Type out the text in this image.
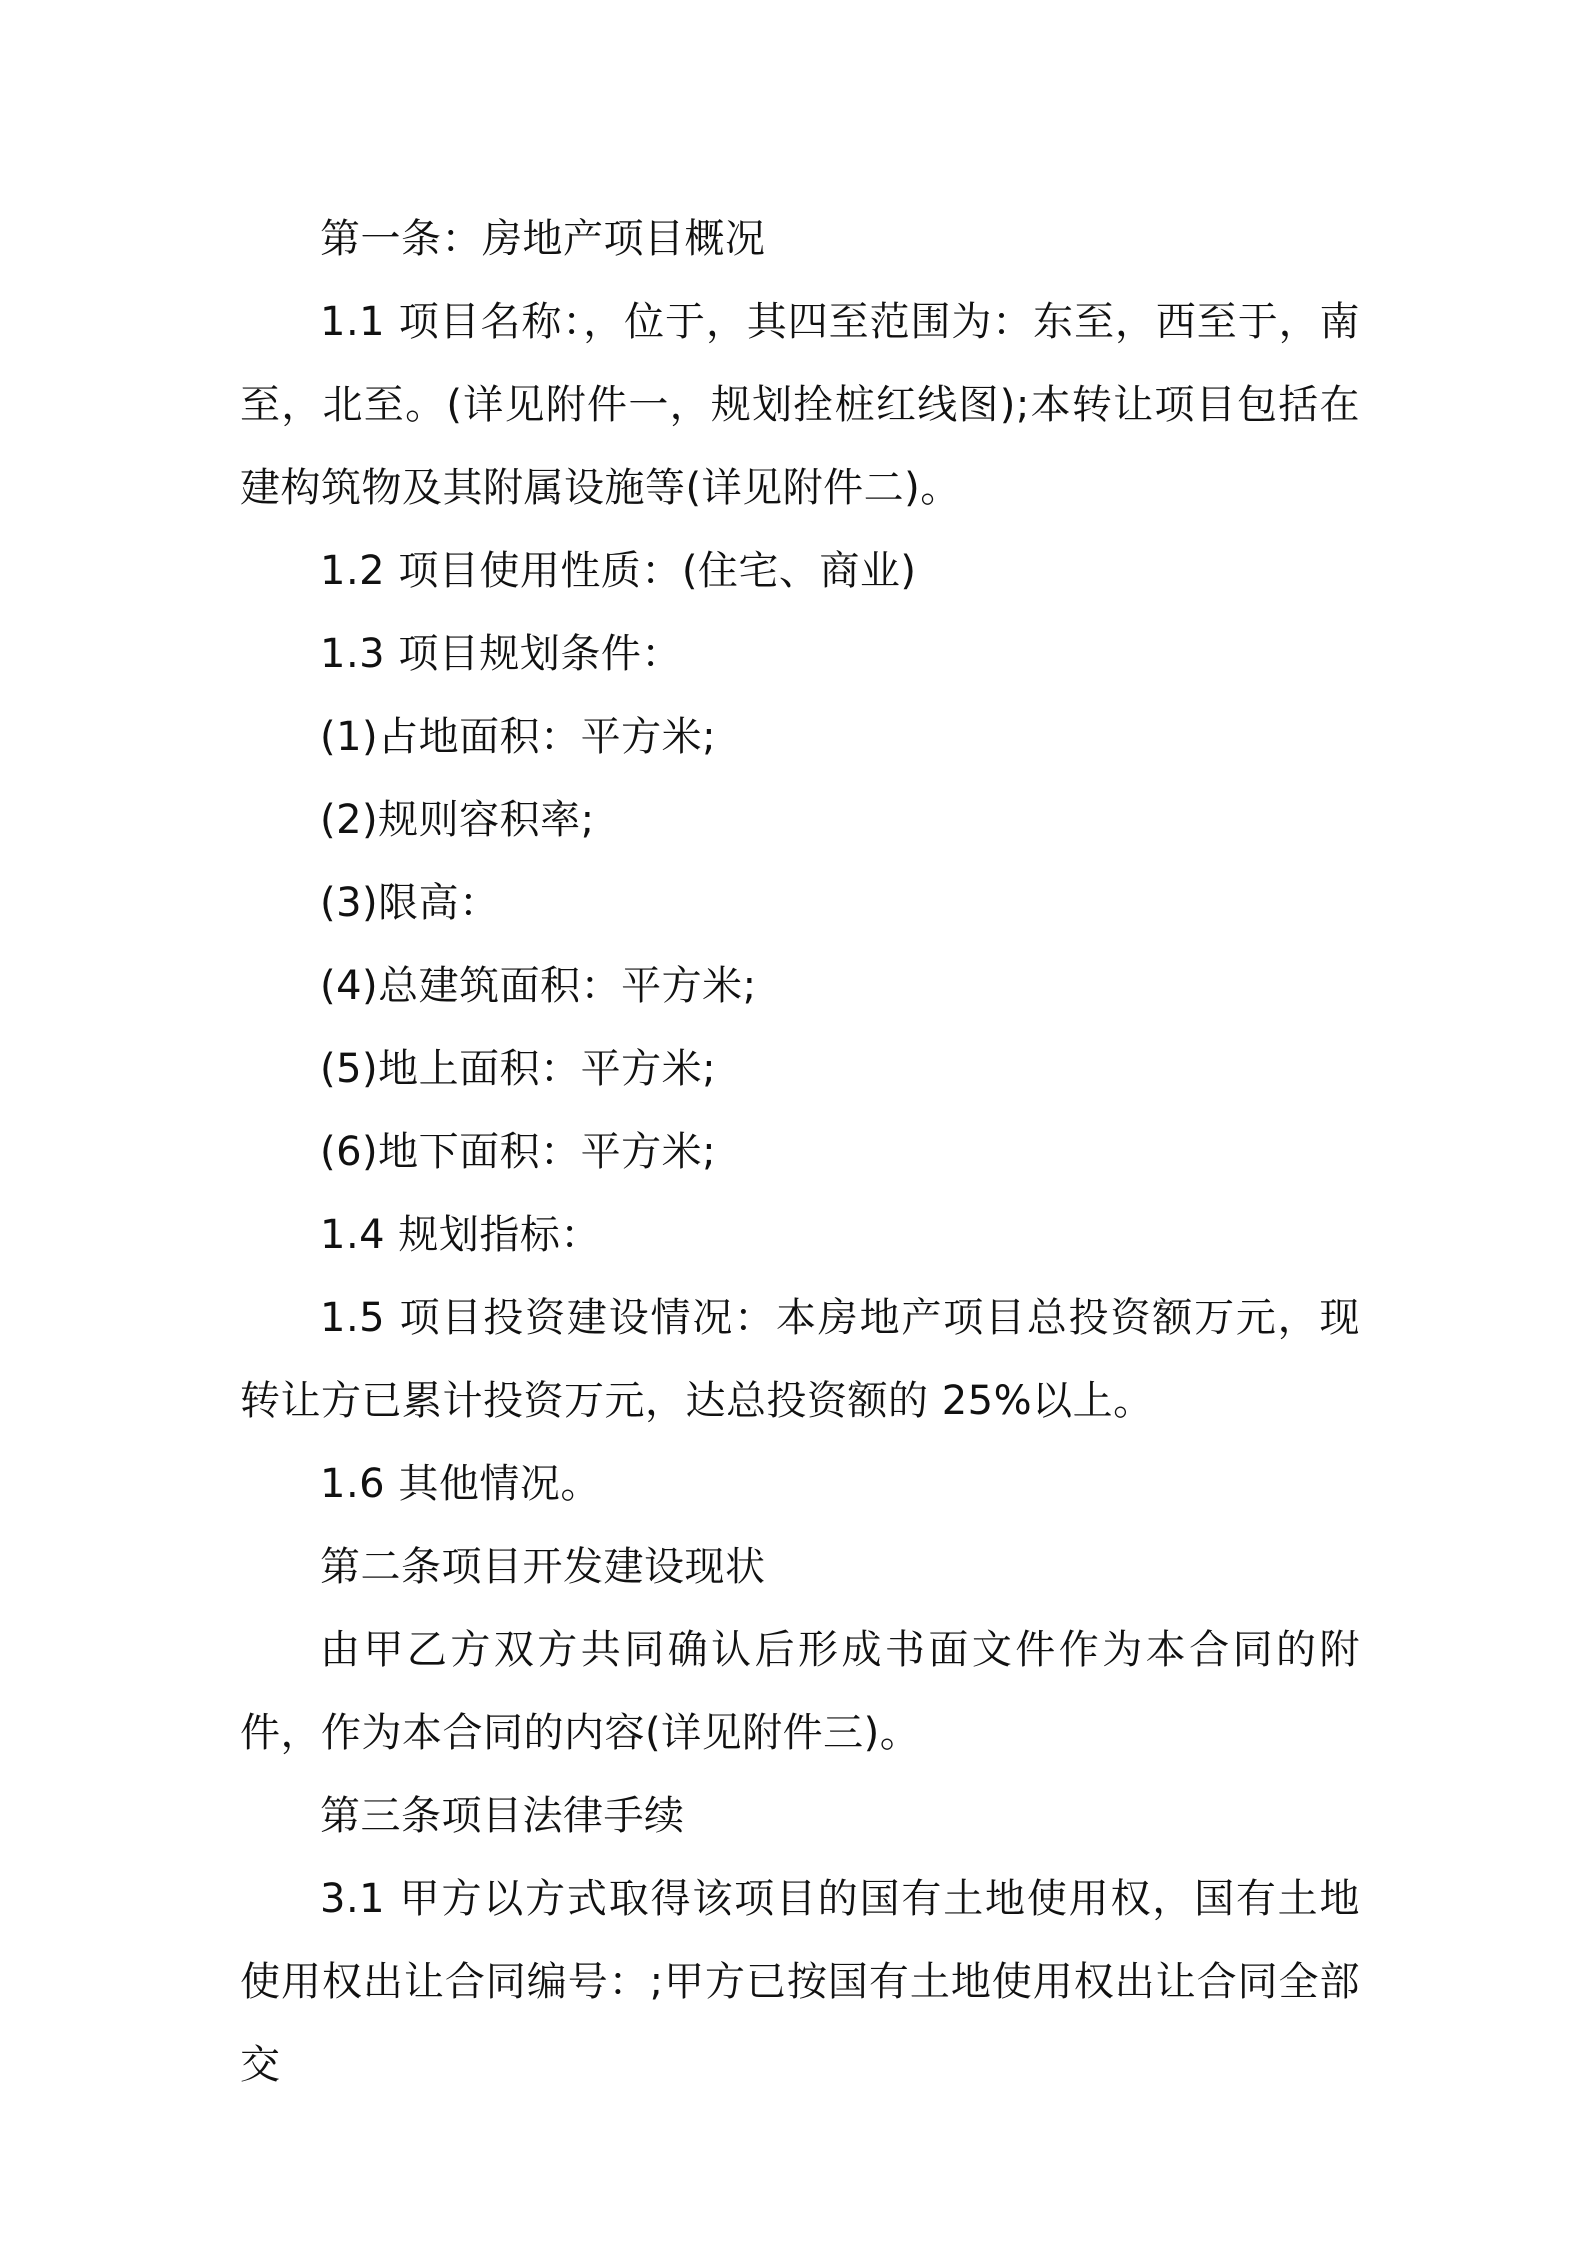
第一条：房地产项目概况

1.1 项目名称：，位于，其四至范围为：东至，西至于，南至，北至。(详见附件一，规划拴桩红线图);本转让项目包括在建构筑物及其附属设施等(详见附件二)。

1.2 项目使用性质：(住宅、商业)

1.3 项目规划条件：

(1)占地面积：平方米;

(2)规则容积率;

(3)限高：

(4)总建筑面积：平方米;

(5)地上面积：平方米;

(6)地下面积：平方米;

1.4 规划指标：

1.5 项目投资建设情况：本房地产项目总投资额万元，现转让方已累计投资万元，达总投资额的 25%以上。

1.6 其他情况。

第二条项目开发建设现状

由甲乙方双方共同确认后形成书面文件作为本合同的附件，作为本合同的内容(详见附件三)。

第三条项目法律手续

3.1 甲方以方式取得该项目的国有土地使用权，国有土地使用权出让合同编号：;甲方已按国有土地使用权出让合同全部交
